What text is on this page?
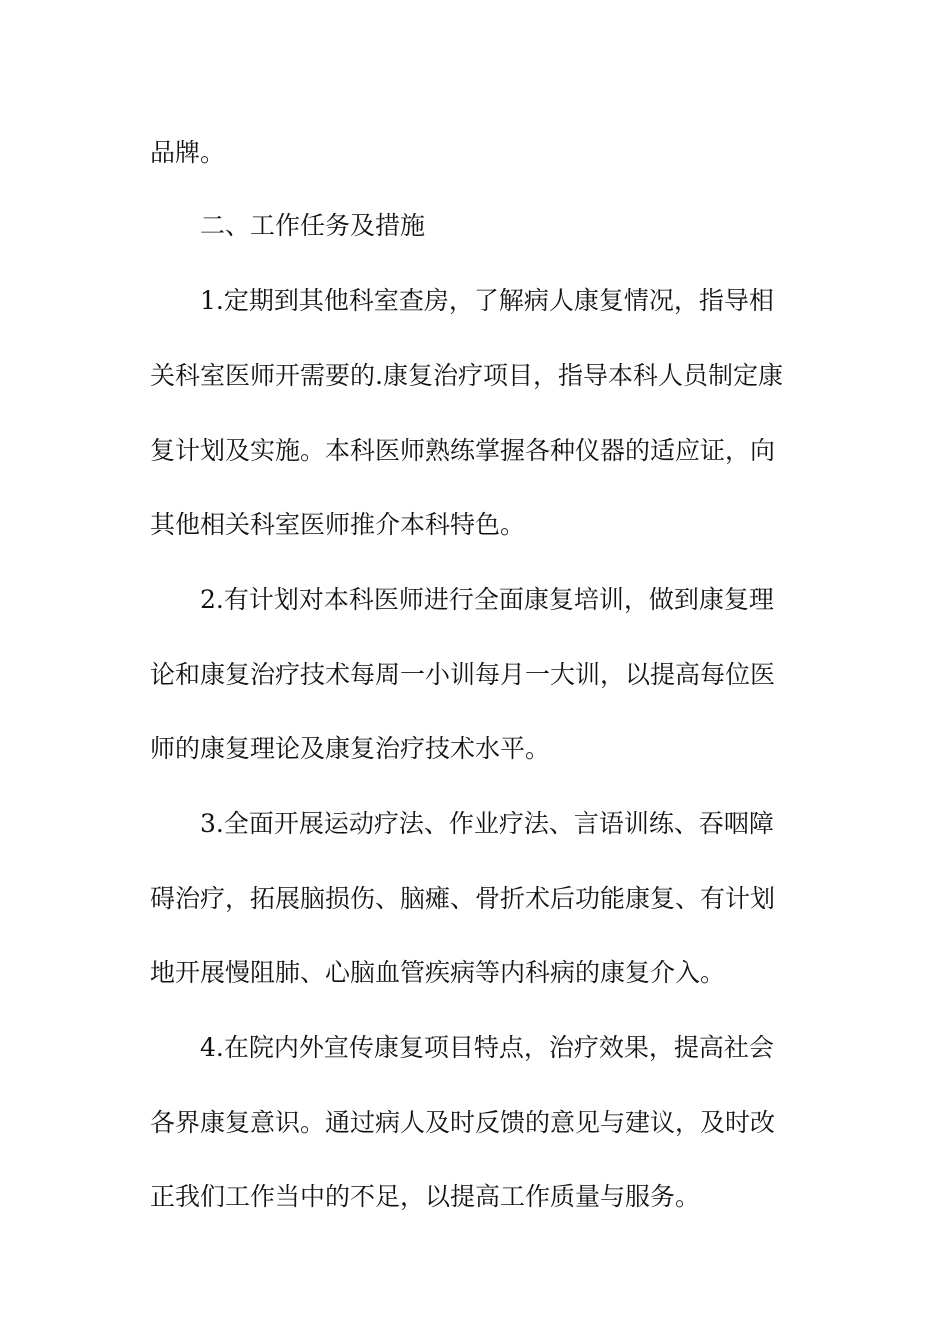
品牌。
二、工作任务及措施
1.定期到其他科室查房，了解病人康复情况，指导相
关科室医师开需要的.康复治疗项目，指导本科人员制定康
复计划及实施。本科医师熟练掌握各种仪器的适应证，向
其他相关科室医师推介本科特色。
2.有计划对本科医师进行全面康复培训，做到康复理
论和康复治疗技术每周一小训每月一大训，以提高每位医
师的康复理论及康复治疗技术水平。
3.全面开展运动疗法、作业疗法、言语训练、吞咽障
碍治疗，拓展脑损伤、脑瘫、骨折术后功能康复、有计划
地开展慢阻肺、心脑血管疾病等内科病的康复介入。
4.在院内外宣传康复项目特点，治疗效果，提高社会
各界康复意识。通过病人及时反馈的意见与建议，及时改
正我们工作当中的不足，以提高工作质量与服务。
